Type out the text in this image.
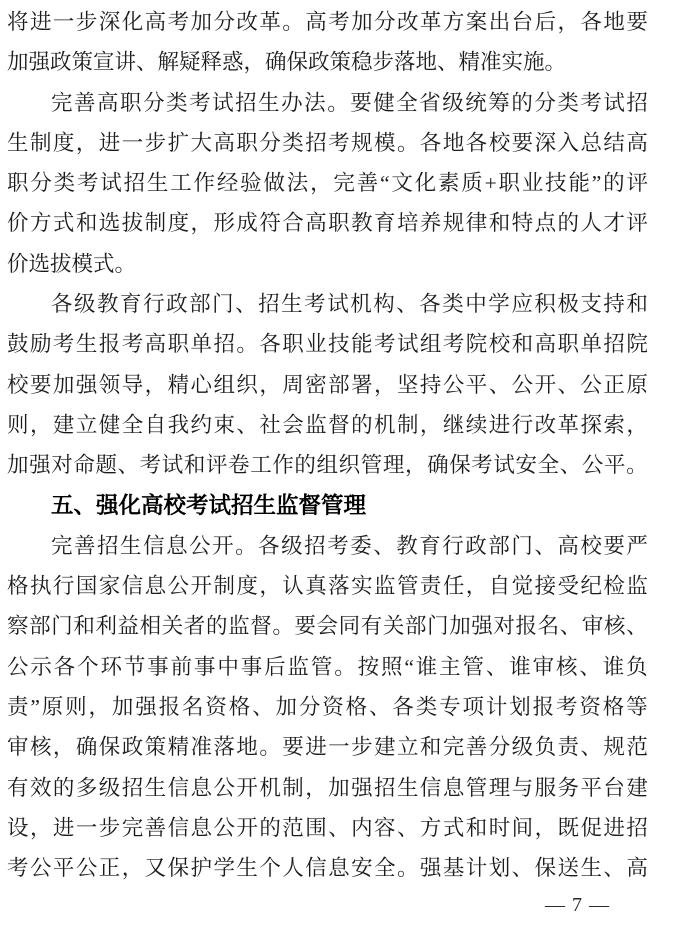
将 进 一 步 深 化 高 考 加 分 改 革 。 高 考 加 分 改 革 方 案 出 台 后 ， 各 地 要
加强政策宣讲、解疑释惑，确保政策稳步落地、精准实施。
完 善 高 职 分 类 考 试 招 生 办 法 。 要 健 全 省 级 统 筹 的 分 类 考 试 招
生 制 度 ， 进 一 步 扩 大 高 职 分 类 招 考 规 模 。 各 地 各 校 要 深 入 总 结 高
职 分 类 考 试 招 生 工 作 经 验 做 法 ， 完 善 “ 文 化 素 质 + 职 业 技 能 ” 的 评
价 方 式 和 选 拔 制 度 ， 形 成 符 合 高 职 教 育 培 养 规 律 和 特 点 的 人 才 评
价选拔模式。
各 级 教 育 行 政 部 门 、 招 生 考 试 机 构 、 各 类 中 学 应 积 极 支 持 和
鼓 励 考 生 报 考 高 职 单 招 。 各 职 业 技 能 考 试 组 考 院 校 和 高 职 单 招 院
校 要 加 强 领 导 ， 精 心 组 织 ， 周 密 部 署 ， 坚 持 公 平 、 公 开 、 公 正 原
则 ， 建 立 健 全 自 我 约 束 、 社 会 监 督 的 机 制 ， 继 续 进 行 改 革 探 索 ，
加 强 对 命 题 、 考 试 和 评 卷 工 作 的 组 织 管 理 ， 确 保 考 试 安 全 、 公 平 。
五、强化高校考试招生监督管理
完 善 招 生 信 息 公 开 。 各 级 招 考 委 、 教 育 行 政 部 门 、 高 校 要 严
格 执 行 国 家 信 息 公 开 制 度 ， 认 真 落 实 监 管 责 任 ， 自 觉 接 受 纪 检 监
察 部 门 和 利 益 相 关 者 的 监 督 。 要 会 同 有 关 部 门 加 强 对 报 名 、 审 核 、
公 示 各 个 环 节 事 前 事 中 事 后 监 管 。 按 照 “ 谁 主 管 、 谁 审 核 、 谁 负
责 ” 原 则 ， 加 强 报 名 资 格 、 加 分 资 格 、 各 类 专 项 计 划 报 考 资 格 等
审 核 ， 确 保 政 策 精 准 落 地 。 要 进 一 步 建 立 和 完 善 分 级 负 责 、 规 范
有 效 的 多 级 招 生 信 息 公 开 机 制 ， 加 强 招 生 信 息 管 理 与 服 务 平 台 建
设 ， 进 一 步 完 善 信 息 公 开 的 范 围 、 内 容 、 方 式 和 时 间 ， 既 促 进 招
考 公 平 公 正 ， 又 保 护 学 生 个 人 信 息 安 全 。 强 基 计 划 、 保 送 生 、 高
— 7 —
